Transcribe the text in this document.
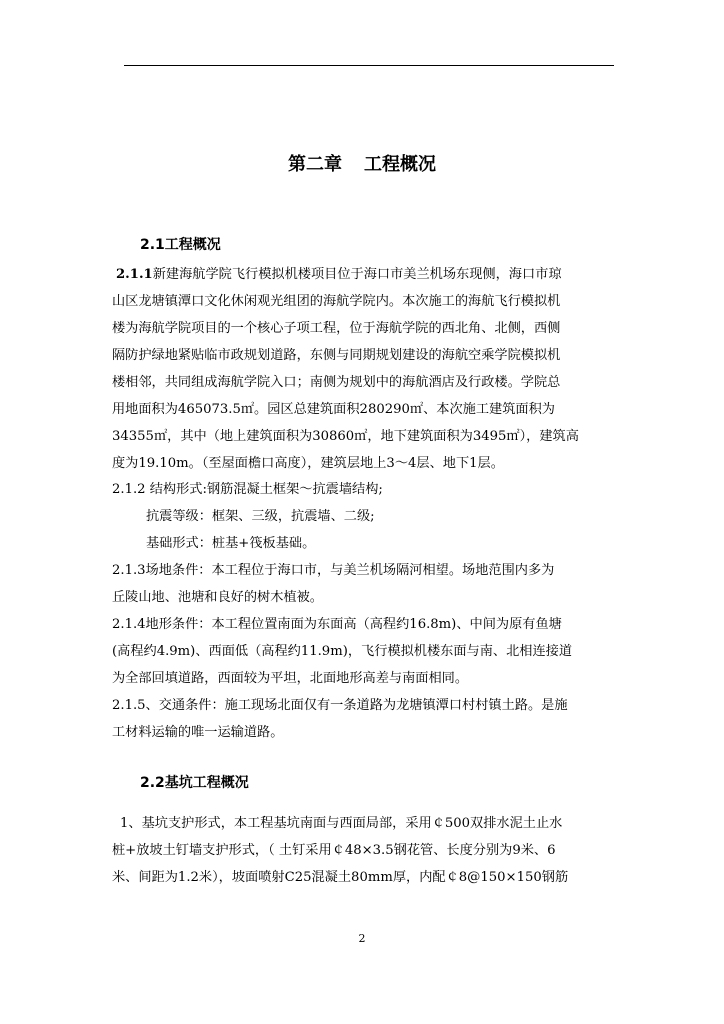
第二章 工程概况
2.1工程概况
2.1.1新建海航学院飞行模拟机楼项目位于海口市美兰机场东现侧，海口市琼
山区龙塘镇潭口文化休闲观光组团的海航学院内。本次施工的海航飞行模拟机
楼为海航学院项目的一个核心子项工程，位于海航学院的西北角、北侧，西侧
隔防护绿地紧贴临市政规划道路，东侧与同期规划建设的海航空乘学院模拟机
楼相邻，共同组成海航学院入口；南侧为规划中的海航酒店及行政楼。学院总
用地面积为465073.5㎡。园区总建筑面积280290㎡、本次施工建筑面积为
34355㎡，其中（地上建筑面积为30860㎡，地下建筑面积为3495㎡），建筑高
度为19.10m。（至屋面檐口高度），建筑层地上3～4层、地下1层。
2.1.2 结构形式:钢筋混凝土框架～抗震墙结构;
抗震等级：框架、三级，抗震墙、二级;
基础形式：桩基+筏板基础。
2.1.3场地条件：本工程位于海口市，与美兰机场隔河相望。场地范围内多为
丘陵山地、池塘和良好的树木植被。
2.1.4地形条件：本工程位置南面为东面高（高程约16.8m)、中间为原有鱼塘
(高程约4.9m)、西面低（高程约11.9m)，飞行模拟机楼东面与南、北相连接道
为全部回填道路，西面较为平坦，北面地形高差与南面相同。
2.1.5、交通条件：施工现场北面仅有一条道路为龙塘镇潭口村村镇土路。是施
工材料运输的唯一运输道路。
2.2基坑工程概况
1、基坑支护形式，本工程基坑南面与西面局部，采用￠500双排水泥土止水
桩+放坡土钉墙支护形式，（ 土钉采用￠48×3.5钢花管、长度分别为9米、6
米、间距为1.2米），坡面喷射C25混凝土80mm厚，内配￠8@150×150钢筋
2
